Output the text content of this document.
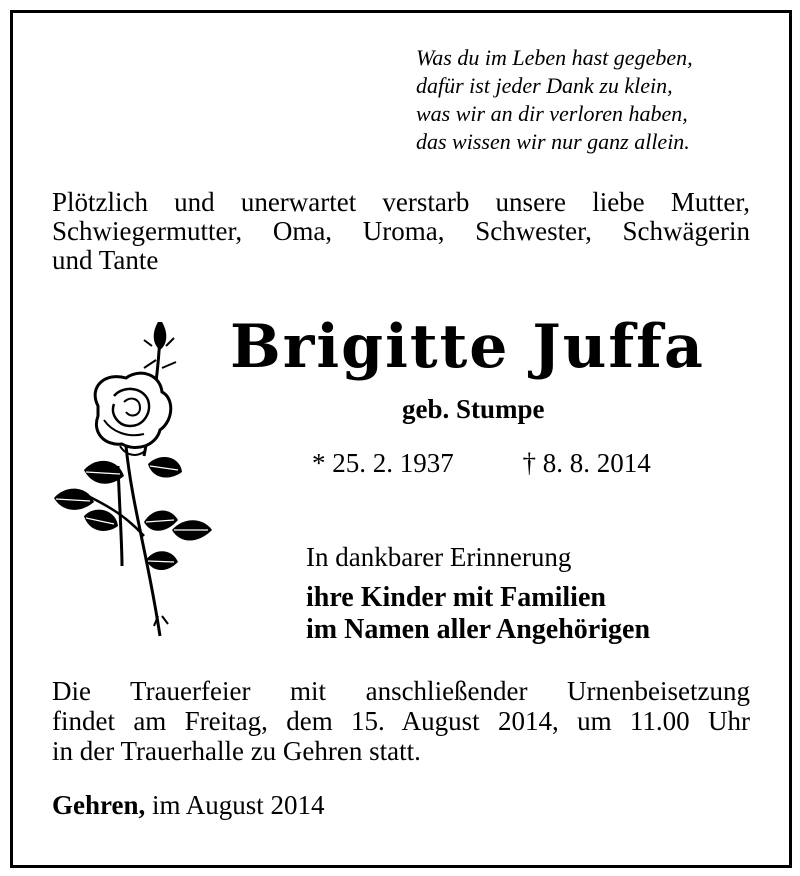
Was du im Leben hast gegeben,
dafür ist jeder Dank zu klein,
was wir an dir verloren haben,
das wissen wir nur ganz allein.
Plötzlich und unerwartet verstarb unsere liebe Mutter,
Schwiegermutter, Oma, Uroma, Schwester, Schwägerin
und Tante
Brigitte Juffa
geb. Stumpe
* 25. 2. 1937	† 8. 8. 2014
In dankbarer Erinnerung
ihre Kinder mit Familien
im Namen aller Angehörigen
Die Trauerfeier mit anschließender Urnenbeisetzung
findet am Freitag, dem 15. August 2014, um 11.00 Uhr
in der Trauerhalle zu Gehren statt.
Gehren, im August 2014
